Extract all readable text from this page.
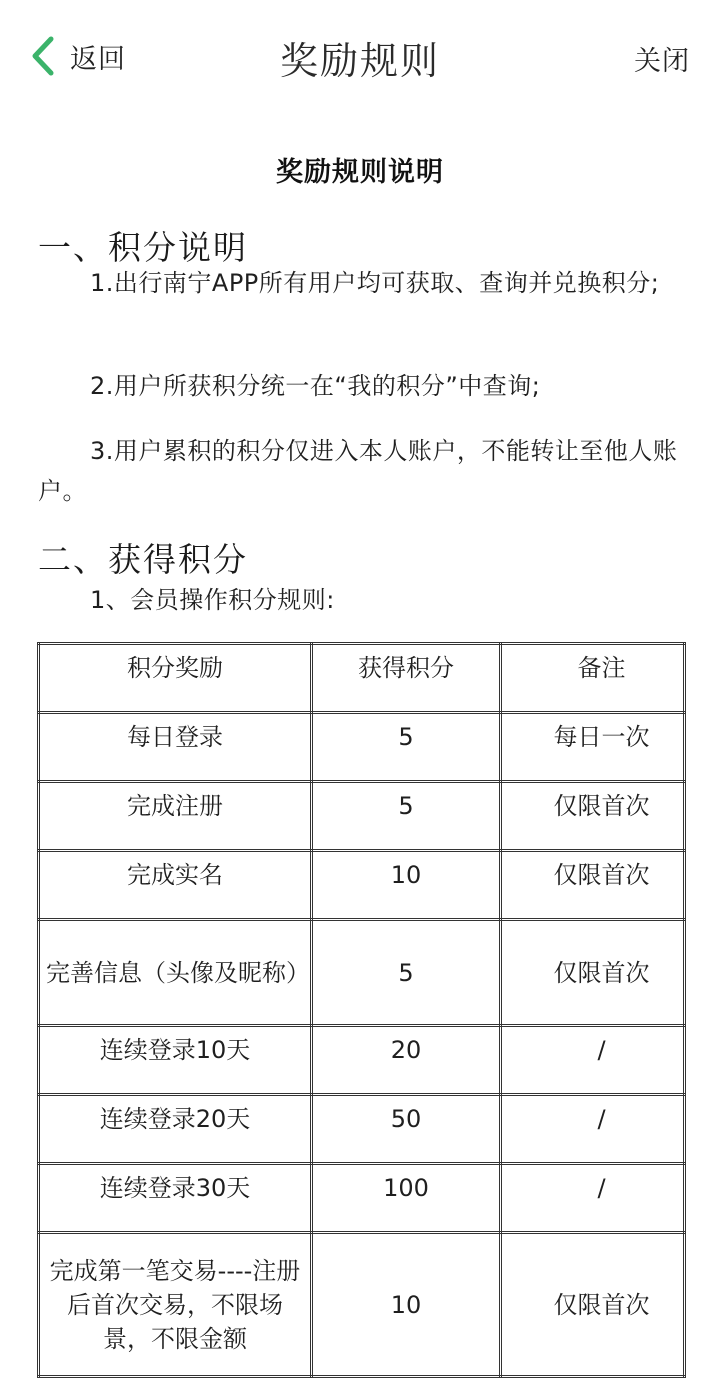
返回	奖励规则	关闭
奖励规则说明
一、积分说明
1.出行南宁APP所有用户均可获取、查询并兑换积分;
2.用户所获积分统一在“我的积分”中查询;
3.用户累积的积分仅进入本人账户，不能转让至他人账户。
二、获得积分
1、会员操作积分规则:
积分奖励	获得积分	备注
每日登录	5	每日一次
完成注册	5	仅限首次
完成实名	10	仅限首次
完善信息（头像及昵称）	5	仅限首次
连续登录10天	20	/
连续登录20天	50	/
连续登录30天	100	/
完成第一笔交易----注册后首次交易，不限场景，不限金额	10	仅限首次
